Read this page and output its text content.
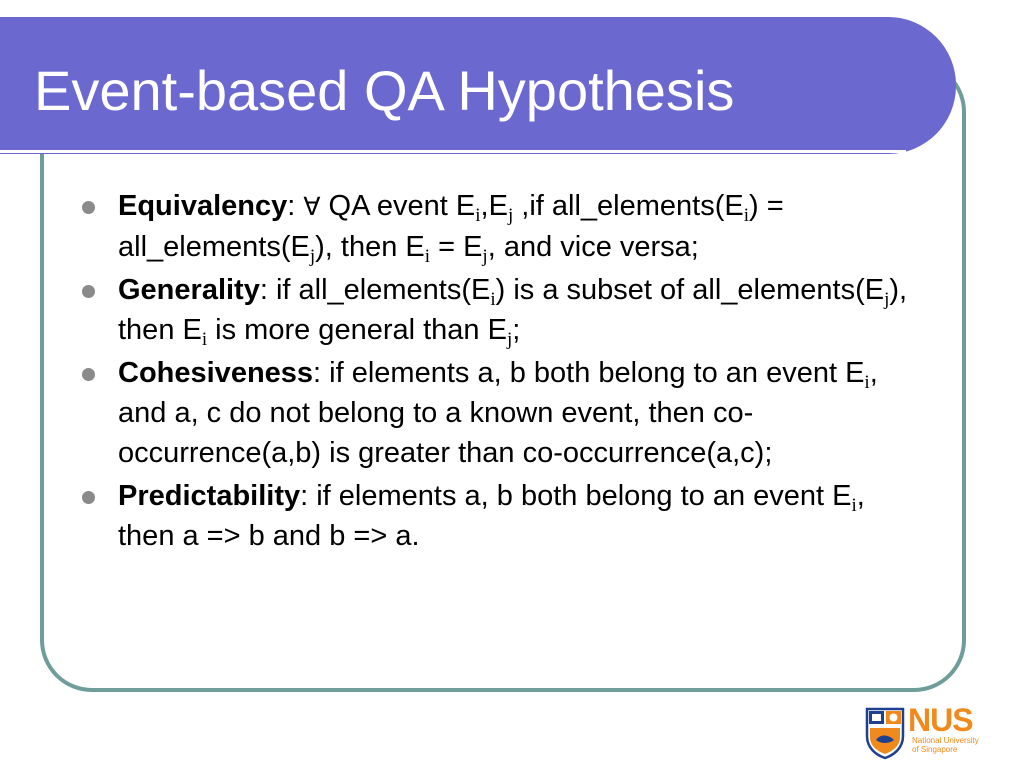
Event-based QA Hypothesis
Equivalency: ∀ QA event $E_i,E_j$ ,if $all\_elements(E_i)$ = $all\_elements(E_j)$, then $E_i = E_j$, and vice versa;
Generality: if $all\_elements(E_i)$ is a subset of $all\_elements(E_j)$, then $E_i$ is more general than $E_j$;
Cohesiveness: if elements a, b both belong to an event $E_i$, and a, c do not belong to a known event, then co-occurrence(a,b) is greater than co-occurrence(a,c);
Predictability: if elements a, b both belong to an event $E_i$, then a => b and b => a.
NUS
National University
of Singapore
